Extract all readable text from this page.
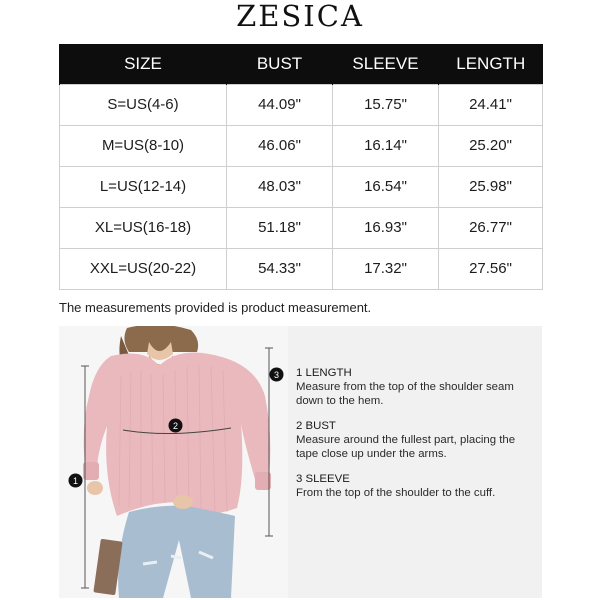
ZESICA
SIZE	BUST	SLEEVE	LENGTH
S=US(4-6)	44.09"	15.75"	24.41"
M=US(8-10)	46.06"	16.14"	25.20"
L=US(12-14)	48.03"	16.54"	25.98"
XL=US(16-18)	51.18"	16.93"	26.77"
XXL=US(20-22)	54.33"	17.32"	27.56"
The measurements provided is product measurement.
1
2
3 1 LENGTH
Measure from the top of the shoulder seam down to the hem.
2 BUST
Measure around the fullest part, placing the tape close up under the arms.
3 SLEEVE
From the top of the shoulder to the cuff.
